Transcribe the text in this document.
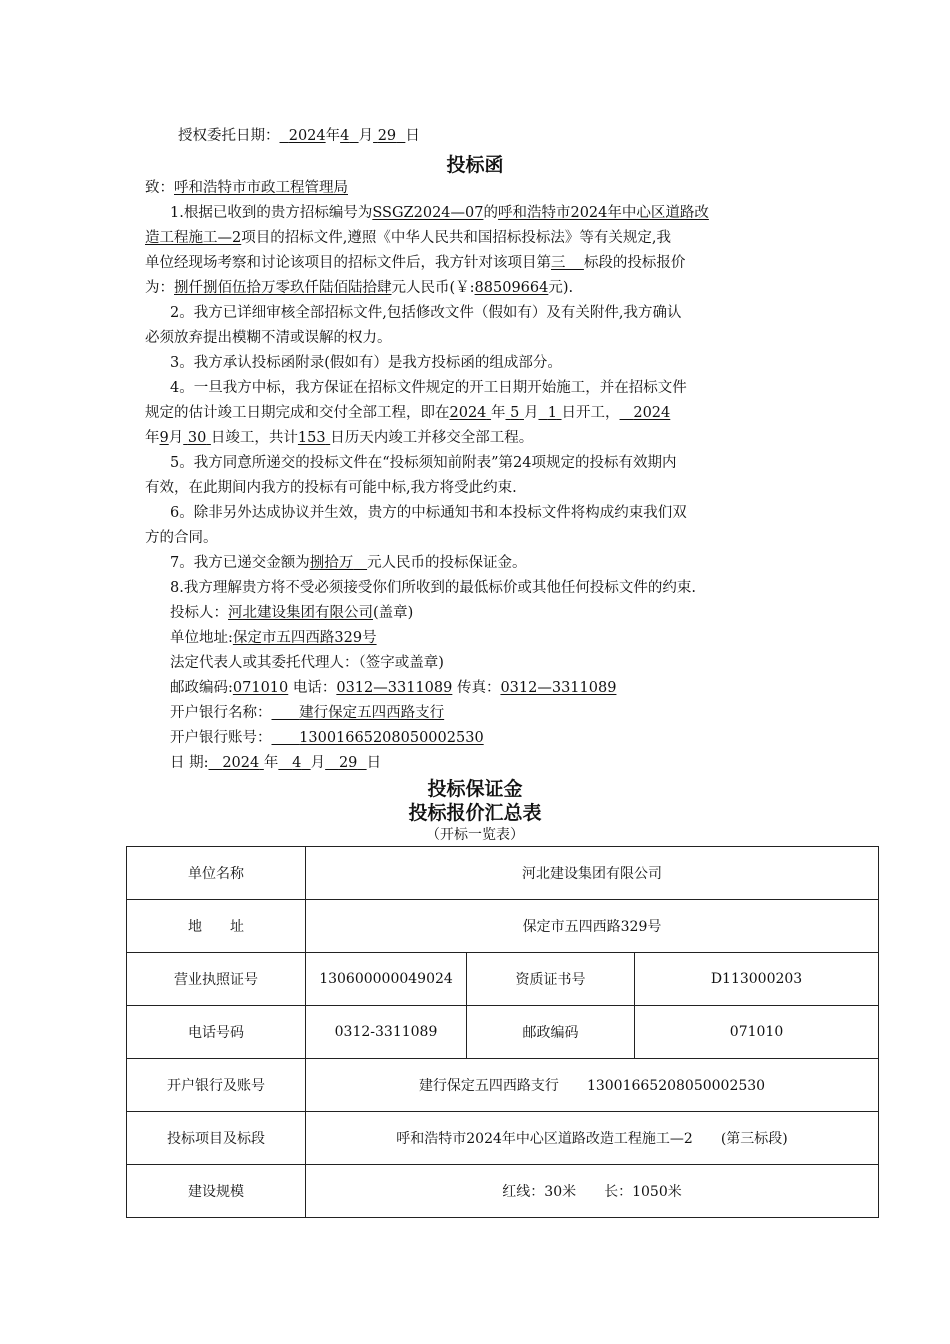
授权委托日期： 2024年4 月 29 日
投标函
致：呼和浩特市市政工程管理局
1.根据已收到的贵方招标编号为SSGZ2024—07的呼和浩特市2024年中心区道路改
造工程施工—2项目的招标文件,遵照《中华人民共和国招标投标法》等有关规定,我
单位经现场考察和讨论该项目的招标文件后，我方针对该项目第三 标段的投标报价
为：捌仟捌佰伍拾万零玖仟陆佰陆拾肆元人民币(￥:88509664元).
2。我方已详细审核全部招标文件,包括修改文件（假如有）及有关附件,我方确认
必须放弃提出模糊不清或误解的权力。
3。我方承认投标函附录(假如有）是我方投标函的组成部分。
4。一旦我方中标，我方保证在招标文件规定的开工日期开始施工，并在招标文件
规定的估计竣工日期完成和交付全部工程，即在2024 年 5 月 1 日开工， 2024
年9月 30 日竣工，共计153 日历天内竣工并移交全部工程。
5。我方同意所递交的投标文件在“投标须知前附表”第24项规定的投标有效期内
有效，在此期间内我方的投标有可能中标,我方将受此约束.
6。除非另外达成协议并生效，贵方的中标通知书和本投标文件将构成约束我们双
方的合同。
7。我方已递交金额为捌拾万 元人民币的投标保证金。
8.我方理解贵方将不受必须接受你们所收到的最低标价或其他任何投标文件的约束.
投标人：河北建设集团有限公司(盖章)
单位地址:保定市五四西路329号
法定代表人或其委托代理人：（签字或盖章)
邮政编码:071010 电话：0312—3311089 传真：0312—3311089
开户银行名称： 建行保定五四西路支行
开户银行账号： 13001665208050002530
日 期: 2024 年 4 月 29 日
投标保证金
投标报价汇总表
（开标一览表）
单位名称	河北建设集团有限公司		
地　　址	保定市五四西路329号		
营业执照证号	130600000049024	资质证书号	D113000203
电话号码	0312-3311089	邮政编码	071010
开户银行及账号	建行保定五四西路支行 13001665208050002530		
投标项目及标段	呼和浩特市2024年中心区道路改造工程施工—2 (第三标段)		
建设规模	红线：30米 长：1050米		
